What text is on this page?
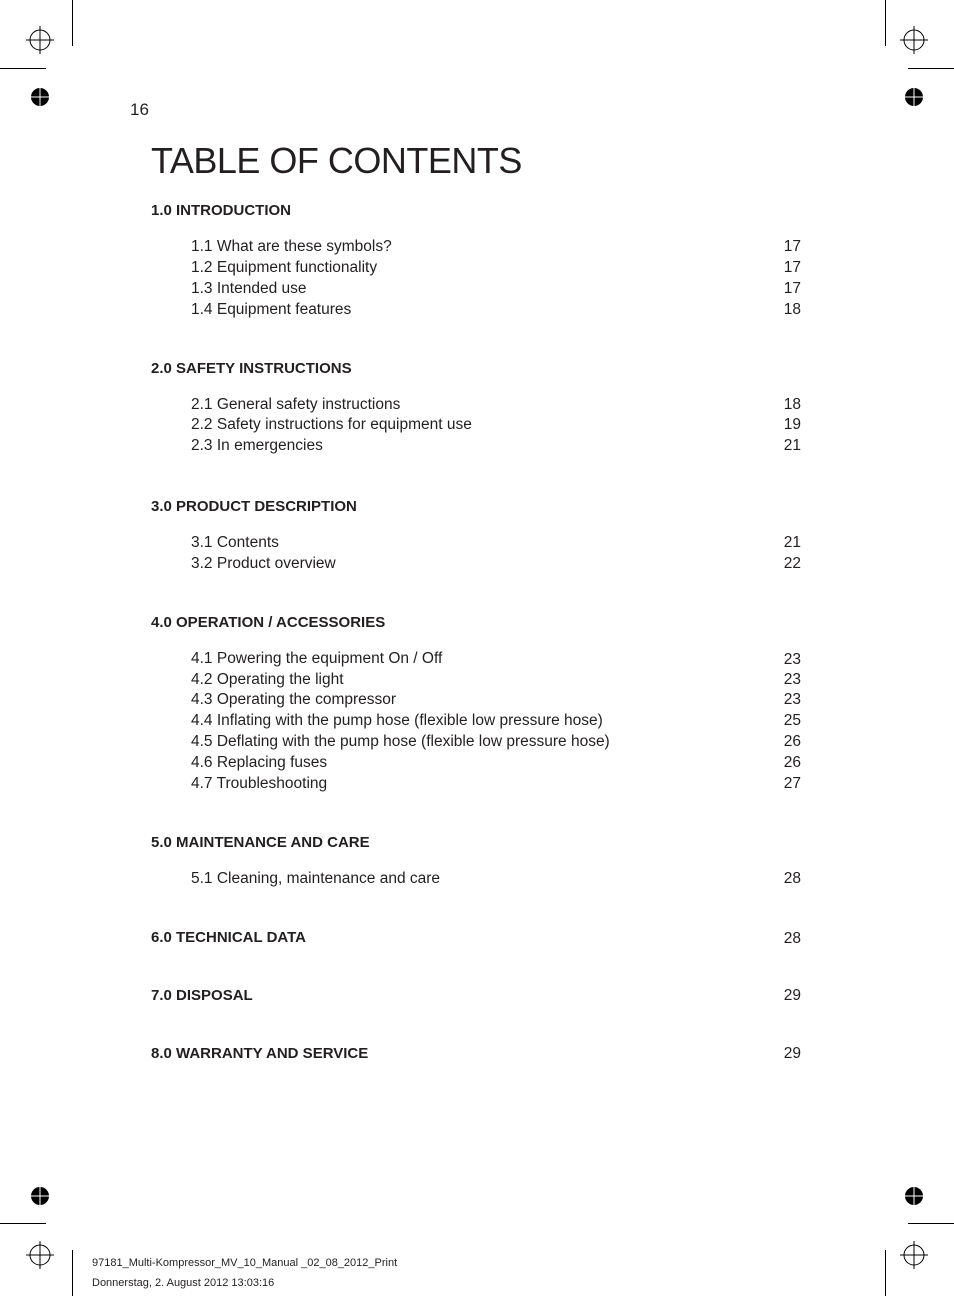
16
TABLE OF CONTENTS
1.0 INTRODUCTION
1.1 What are these symbols?	17
1.2 Equipment functionality	17
1.3 Intended use	17
1.4 Equipment features	18
2.0 SAFETY INSTRUCTIONS
2.1 General safety instructions	18
2.2 Safety instructions for equipment use	19
2.3 In emergencies	21
3.0 PRODUCT DESCRIPTION
3.1 Contents	21
3.2 Product overview	22
4.0 OPERATION / ACCESSORIES
4.1 Powering the equipment On / Off	23
4.2 Operating the light	23
4.3 Operating the compressor	23
4.4 Inflating with the pump hose (flexible low pressure hose)	25
4.5 Deflating with the pump hose (flexible low pressure hose)	26
4.6 Replacing fuses	26
4.7 Troubleshooting	27
5.0 MAINTENANCE AND CARE
5.1 Cleaning, maintenance and care	28
6.0 TECHNICAL DATA	28
7.0 DISPOSAL	29
8.0 WARRANTY AND SERVICE	29
97181_Multi-Kompressor_MV_10_Manual _02_08_2012_Print
Donnerstag, 2. August 2012 13:03:16
